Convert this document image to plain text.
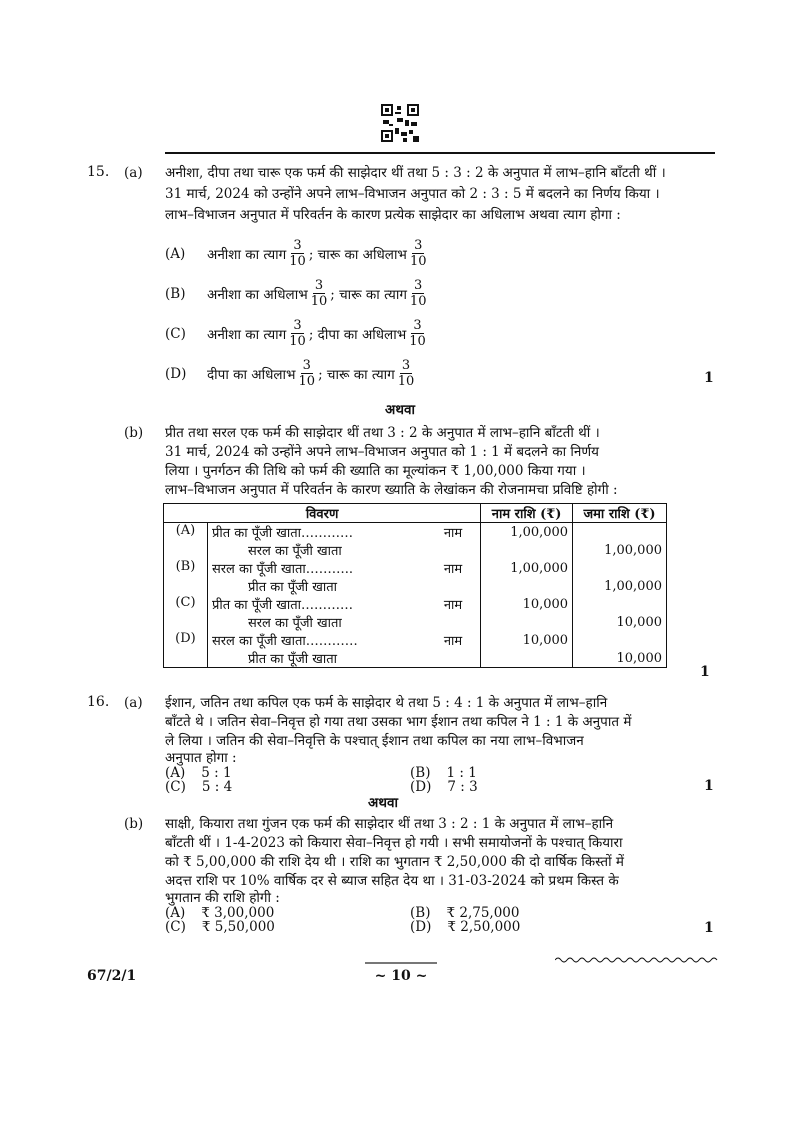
15. (a) अनीशा, दीपा तथा चारू एक फर्म की साझेदार थीं तथा 5 : 3 : 2 के अनुपात में लाभ–हानि बाँटती थीं ।
31 मार्च, 2024 को उन्होंने अपने लाभ–विभाजन अनुपात को 2 : 3 : 5 में बदलने का निर्णय किया ।
लाभ–विभाजन अनुपात में परिवर्तन के कारण प्रत्येक साझेदार का अधिलाभ अथवा त्याग होगा :
(A)	अनीशा का त्याग $\frac{3}{10}$ ; चारू का अधिलाभ $\frac{3}{10}$
(B)	अनीशा का अधिलाभ $\frac{3}{10}$ ; चारू का त्याग $\frac{3}{10}$
(C)	अनीशा का त्याग $\frac{3}{10}$ ; दीपा का अधिलाभ $\frac{3}{10}$
(D)	दीपा का अधिलाभ $\frac{3}{10}$ ; चारू का त्याग $\frac{3}{10}$	1
अथवा
(b) प्रीत तथा सरल एक फर्म की साझेदार थीं तथा 3 : 2 के अनुपात में लाभ–हानि बाँटती थीं ।
31 मार्च, 2024 को उन्होंने अपने लाभ–विभाजन अनुपात को 1 : 1 में बदलने का निर्णय
लिया । पुनर्गठन की तिथि को फर्म की ख्याति का मूल्यांकन ₹ 1,00,000 किया गया ।
लाभ–विभाजन अनुपात में परिवर्तन के कारण ख्याति के लेखांकन की रोजनामचा प्रविष्टि होगी :
विवरण		नाम राशि (₹)	जमा राशि (₹)
(A)	प्रीत का पूँजी खाता………… नाम	1,00,000	
	सरल का पूँजी खाता		1,00,000
(B)	सरल का पूँजी खाता……….. नाम	1,00,000	
	प्रीत का पूँजी खाता		1,00,000
(C)	प्रीत का पूँजी खाता………… नाम	10,000	
	सरल का पूँजी खाता		10,000
(D)	सरल का पूँजी खाता………… नाम	10,000	
	प्रीत का पूँजी खाता		10,000
1
16. (a) ईशान, जतिन तथा कपिल एक फर्म के साझेदार थे तथा 5 : 4 : 1 के अनुपात में लाभ–हानि
बाँटते थे । जतिन सेवा–निवृत्त हो गया तथा उसका भाग ईशान तथा कपिल ने 1 : 1 के अनुपात में
ले लिया । जतिन की सेवा–निवृत्ति के पश्चात् ईशान तथा कपिल का नया लाभ–विभाजन
अनुपात होगा :
(A) 5 : 1	(B) 1 : 1
(C) 5 : 4	(D) 7 : 3	1
अथवा
(b) साक्षी, कियारा तथा गुंजन एक फर्म की साझेदार थीं तथा 3 : 2 : 1 के अनुपात में लाभ–हानि
बाँटती थीं । 1-4-2023 को कियारा सेवा–निवृत्त हो गयी । सभी समायोजनों के पश्चात् कियारा
को ₹ 5,00,000 की राशि देय थी । राशि का भुगतान ₹ 2,50,000 की दो वार्षिक किस्तों में
अदत्त राशि पर 10% वार्षिक दर से ब्याज सहित देय था । 31-03-2024 को प्रथम किस्त के
भुगतान की राशि होगी :
(A) ₹ 3,00,000	(B) ₹ 2,75,000
(C) ₹ 5,50,000	(D) ₹ 2,50,000	1
67/2/1	~ 10 ~
